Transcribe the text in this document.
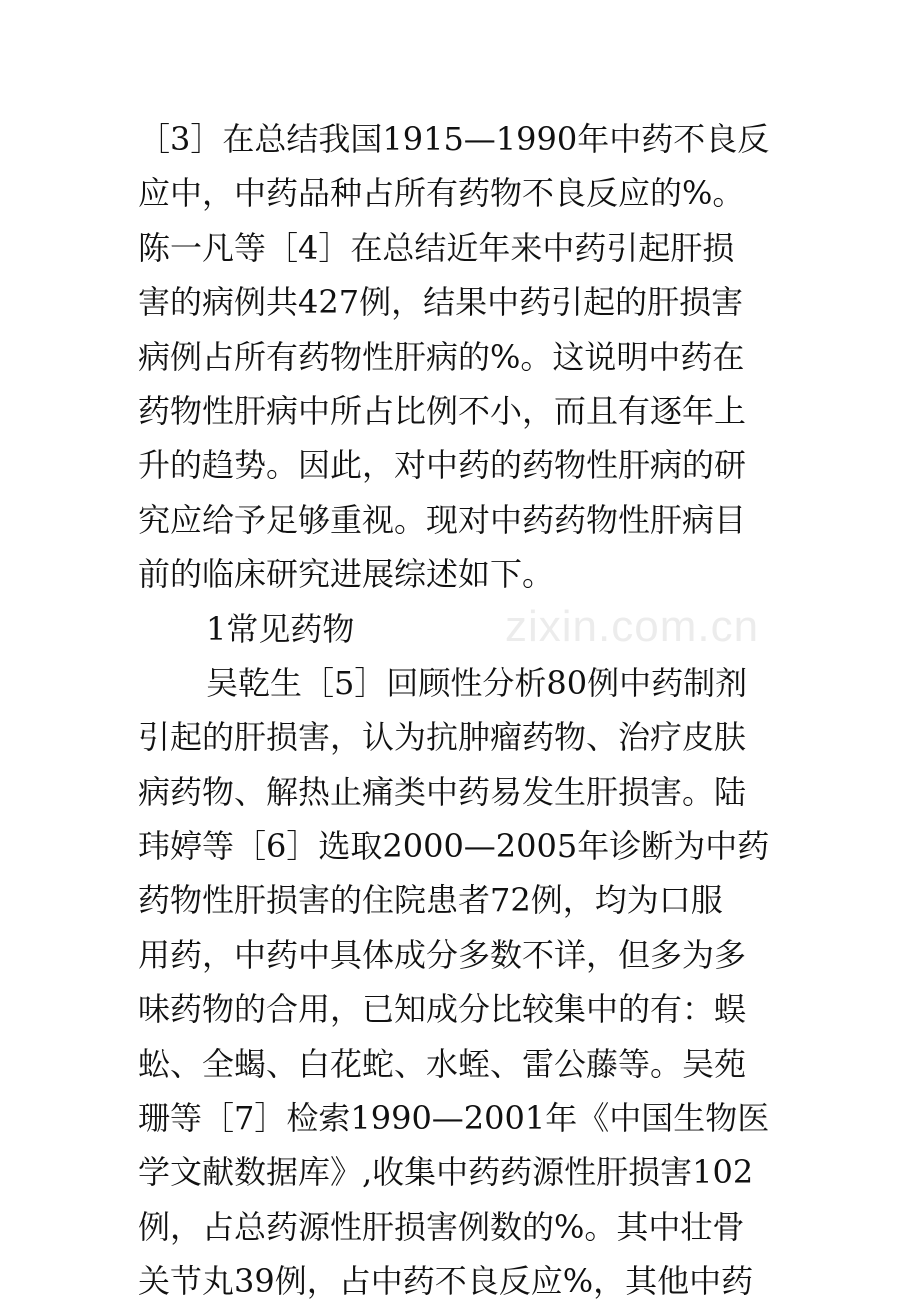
［3］在总结我国1915—1990年中药不良反
应中，中药品种占所有药物不良反应的%。
陈一凡等［4］在总结近年来中药引起肝损
害的病例共427例，结果中药引起的肝损害
病例占所有药物性肝病的%。这说明中药在
药物性肝病中所占比例不小，而且有逐年上
升的趋势。因此，对中药的药物性肝病的研
究应给予足够重视。现对中药药物性肝病目
前的临床研究进展综述如下。
1常见药物
吴乾生［5］回顾性分析80例中药制剂
引起的肝损害，认为抗肿瘤药物、治疗皮肤
病药物、解热止痛类中药易发生肝损害。陆
玮婷等［6］选取2000—2005年诊断为中药
药物性肝损害的住院患者72例，均为口服
用药，中药中具体成分多数不详，但多为多
味药物的合用，已知成分比较集中的有：蜈
蚣、全蝎、白花蛇、水蛭、雷公藤等。吴苑
珊等［7］检索1990—2001年《中国生物医
学文献数据库》,收集中药药源性肝损害102
例，占总药源性肝损害例数的%。其中壮骨
关节丸39例，占中药不良反应%，其他中药
zixin.com.cn
